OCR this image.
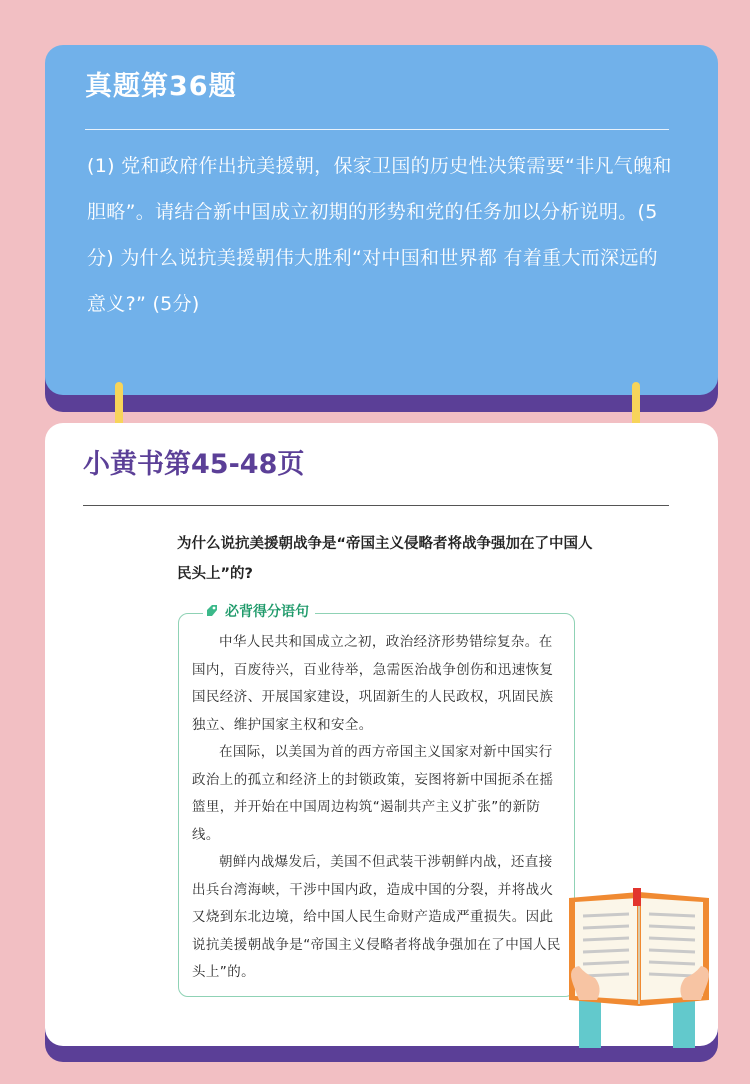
真题第36题

(1) 党和政府作出抗美援朝，保家卫国的历史性决策需要“非凡气魄和胆略”。请结合新中国成立初期的形势和党的任务加以分析说明。(5分) 为什么说抗美援朝伟大胜利“对中国和世界都 有着重大而深远的意义?” (5分)

小黄书第45-48页

为什么说抗美援朝战争是“帝国主义侵略者将战争强加在了中国人民头上”的?

必背得分语句

中华人民共和国成立之初，政治经济形势错综复杂。在国内，百废待兴，百业待举，急需医治战争创伤和迅速恢复国民经济、开展国家建设，巩固新生的人民政权，巩固民族独立、维护国家主权和安全。

在国际，以美国为首的西方帝国主义国家对新中国实行政治上的孤立和经济上的封锁政策，妄图将新中国扼杀在摇篮里，并开始在中国周边构筑“遏制共产主义扩张”的新防线。

朝鲜内战爆发后，美国不但武装干涉朝鲜内战，还直接出兵台湾海峡，干涉中国内政，造成中国的分裂，并将战火又烧到东北边境，给中国人民生命财产造成严重损失。因此说抗美援朝战争是“帝国主义侵略者将战争强加在了中国人民头上”的。
